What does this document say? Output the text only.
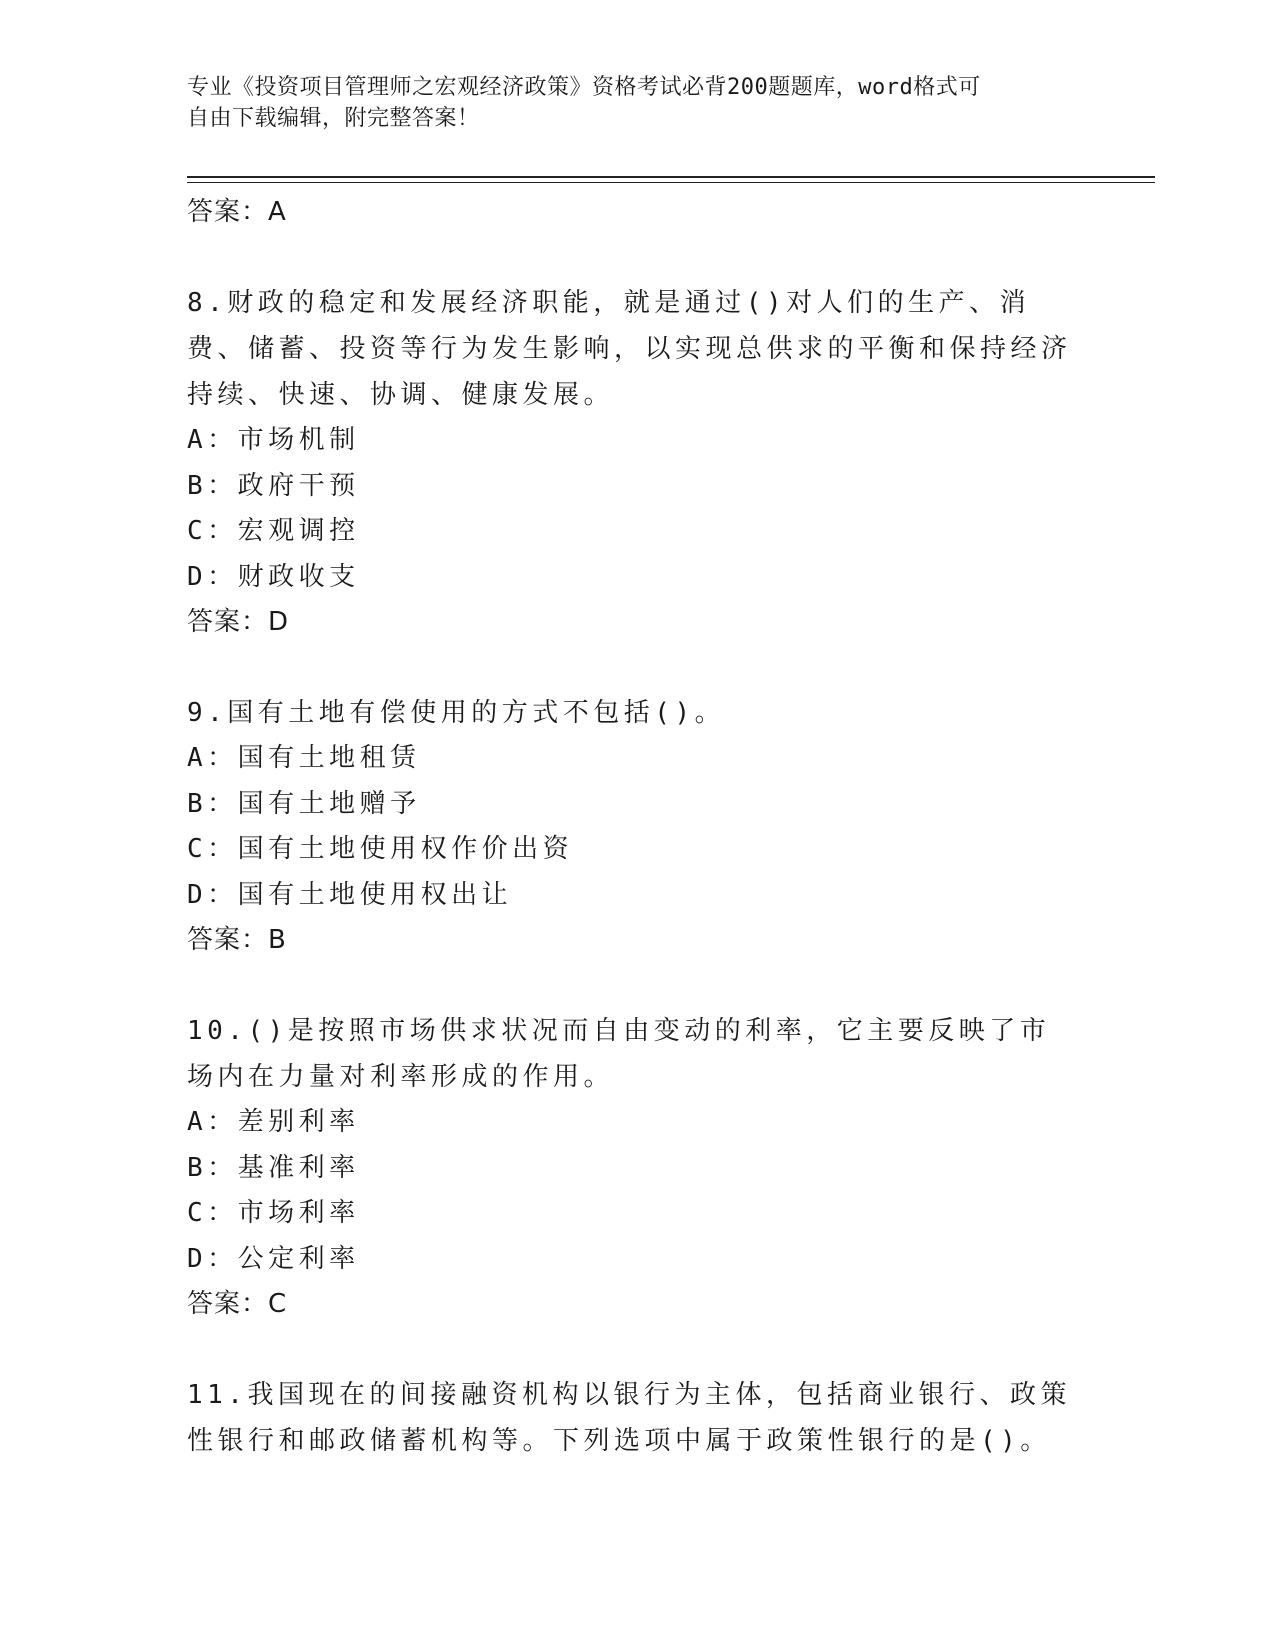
专业《投资项目管理师之宏观经济政策》资格考试必背200题题库，word格式可
自由下载编辑，附完整答案！
答案：A
8.财政的稳定和发展经济职能，就是通过()对人们的生产、消费、储蓄、投资等行为发生影响，以实现总供求的平衡和保持经济持续、快速、协调、健康发展。
A：市场机制
B：政府干预
C：宏观调控
D：财政收支
答案：D
9.国有土地有偿使用的方式不包括()。
A：国有土地租赁
B：国有土地赠予
C：国有土地使用权作价出资
D：国有土地使用权出让
答案：B
10.()是按照市场供求状况而自由变动的利率，它主要反映了市场内在力量对利率形成的作用。
A：差别利率
B：基准利率
C：市场利率
D：公定利率
答案：C
11.我国现在的间接融资机构以银行为主体，包括商业银行、政策性银行和邮政储蓄机构等。下列选项中属于政策性银行的是()。
